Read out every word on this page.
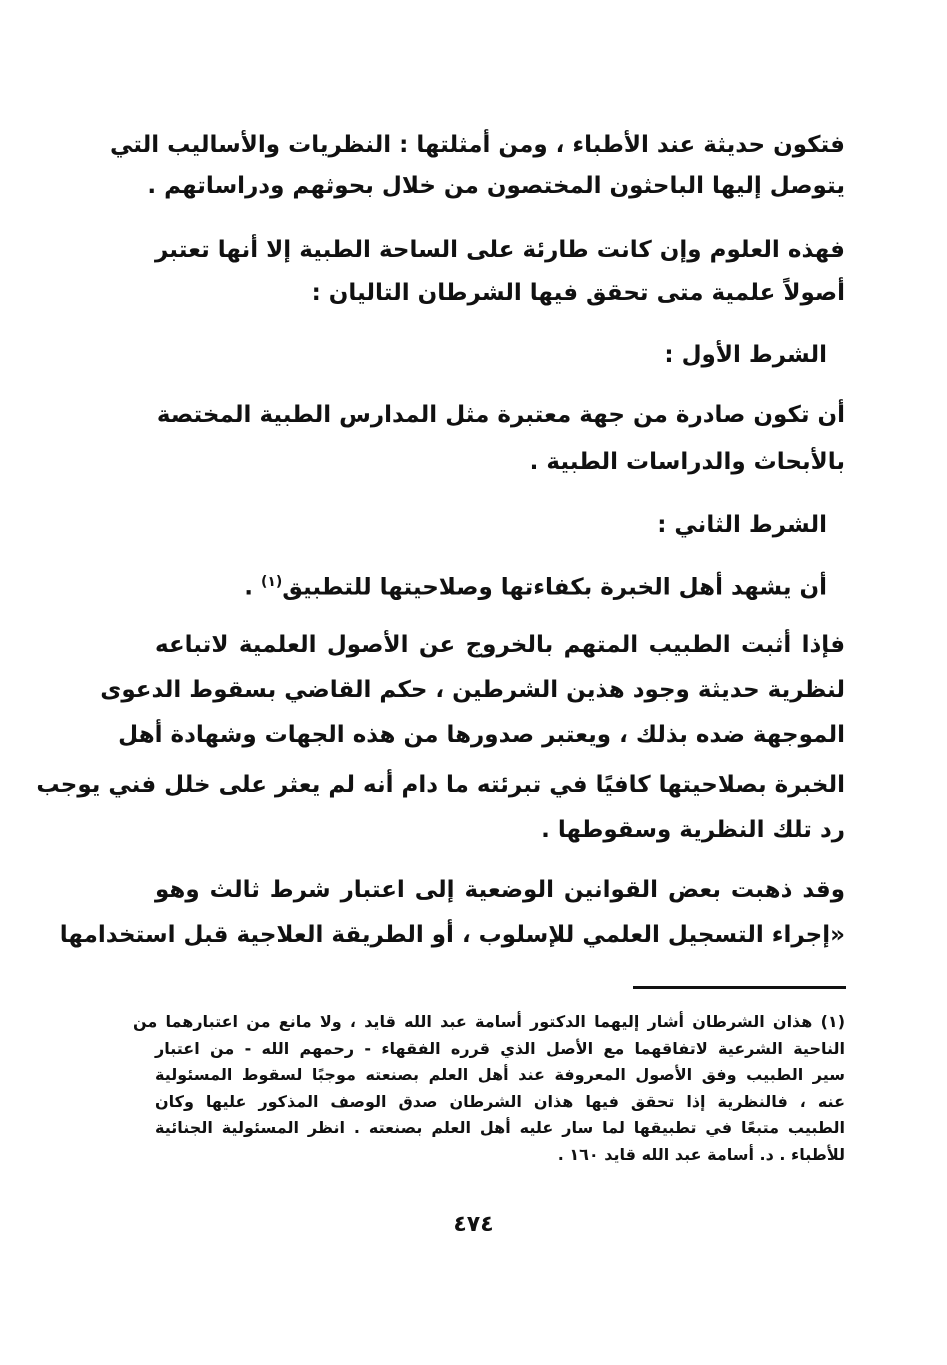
فتكون حديثة عند الأطباء ، ومن أمثلتها : النظريات والأساليب التي
يتوصل إليها الباحثون المختصون من خلال بحوثهم ودراساتهم .
فهذه العلوم وإن كانت طارئة على الساحة الطبية إلا أنها تعتبر
أصولاً علمية متى تحقق فيها الشرطان التاليان :
الشرط الأول :
أن تكون صادرة من جهة معتبرة مثل المدارس الطبية المختصة
بالأبحاث والدراسات الطبية .
الشرط الثاني :
أن يشهد أهل الخبرة بكفاءتها وصلاحيتها للتطبيق$^{(١)}$ .
فإذا أثبت الطبيب المتهم بالخروج عن الأصول العلمية لاتباعه
لنظرية حديثة وجود هذين الشرطين ، حكم القاضي بسقوط الدعوى
الموجهة ضده بذلك ، ويعتبر صدورها من هذه الجهات وشهادة أهل
الخبرة بصلاحيتها كافيًا في تبرئته ما دام أنه لم يعثر على خلل فني يوجب
رد تلك النظرية وسقوطها .
وقد ذهبت بعض القوانين الوضعية إلى اعتبار شرط ثالث وهو
«إجراء التسجيل العلمي للإسلوب ، أو الطريقة العلاجية قبل استخدامها
(١) هذان الشرطان أشار إليهما الدكتور أسامة عبد الله قايد ، ولا مانع من اعتبارهما من
الناحية الشرعية لاتفاقهما مع الأصل الذي قرره الفقهاء - رحمهم الله - من اعتبار
سير الطبيب وفق الأصول المعروفة عند أهل العلم بصنعته موجبًا لسقوط المسئولية
عنه ، فالنظرية إذا تحقق فيها هذان الشرطان صدق الوصف المذكور عليها وكان
الطبيب متبعًا في تطبيقها لما سار عليه أهل العلم بصنعته . انظر المسئولية الجنائية
للأطباء . د. أسامة عبد الله قايد ١٦٠ .
٤٧٤
